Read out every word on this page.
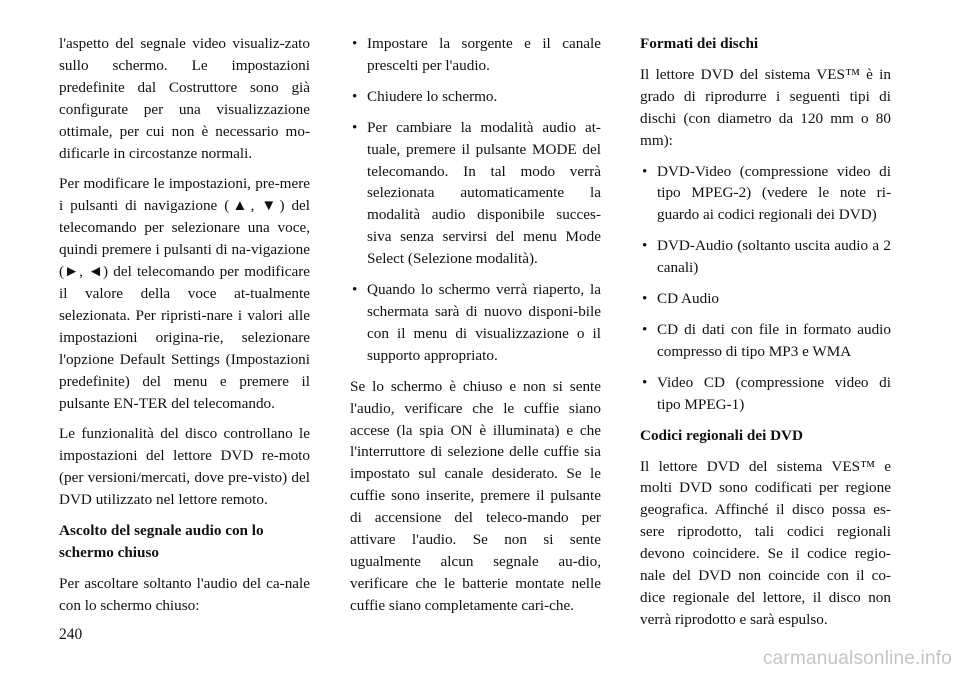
l'aspetto del segnale video visualiz-zato sullo schermo. Le impostazioni predefinite dal Costruttore sono già configurate per una visualizzazione ottimale, per cui non è necessario mo-dificarle in circostanze normali.

Per modificare le impostazioni, pre-mere i pulsanti di navigazione (▲, ▼) del telecomando per selezionare una voce, quindi premere i pulsanti di na-vigazione (►, ◄) del telecomando per modificare il valore della voce at-tualmente selezionata. Per ripristi-nare i valori alle impostazioni origina-rie, selezionare l'opzione Default Settings (Impostazioni predefinite) del menu e premere il pulsante EN-TER del telecomando.

Le funzionalità del disco controllano le impostazioni del lettore DVD re-moto (per versioni/mercati, dove pre-visto) del DVD utilizzato nel lettore remoto.

Ascolto del segnale audio con lo schermo chiuso

Per ascoltare soltanto l'audio del ca-nale con lo schermo chiuso:

• Impostare la sorgente e il canale prescelti per l'audio.
• Chiudere lo schermo.
• Per cambiare la modalità audio at-tuale, premere il pulsante MODE del telecomando. In tal modo verrà selezionata automaticamente la modalità audio disponibile succes-siva senza servirsi del menu Mode Select (Selezione modalità).
• Quando lo schermo verrà riaperto, la schermata sarà di nuovo disponi-bile con il menu di visualizzazione o il supporto appropriato.

Se lo schermo è chiuso e non si sente l'audio, verificare che le cuffie siano accese (la spia ON è illuminata) e che l'interruttore di selezione delle cuffie sia impostato sul canale desiderato. Se le cuffie sono inserite, premere il pulsante di accensione del teleco-mando per attivare l'audio. Se non si sente ugualmente alcun segnale au-dio, verificare che le batterie montate nelle cuffie siano completamente cari-che.

Formati dei dischi

Il lettore DVD del sistema VES™ è in grado di riprodurre i seguenti tipi di dischi (con diametro da 120 mm o 80 mm):

• DVD-Video (compressione video di tipo MPEG-2) (vedere le note ri-guardo ai codici regionali dei DVD)
• DVD-Audio (soltanto uscita audio a 2 canali)
• CD Audio
• CD di dati con file in formato audio compresso di tipo MP3 e WMA
• Video CD (compressione video di tipo MPEG-1)

Codici regionali dei DVD

Il lettore DVD del sistema VES™ e molti DVD sono codificati per regione geografica. Affinché il disco possa es-sere riprodotto, tali codici regionali devono coincidere. Se il codice regio-nale del DVD non coincide con il co-dice regionale del lettore, il disco non verrà riprodotto e sarà espulso.

240
carmanualsonline.info
